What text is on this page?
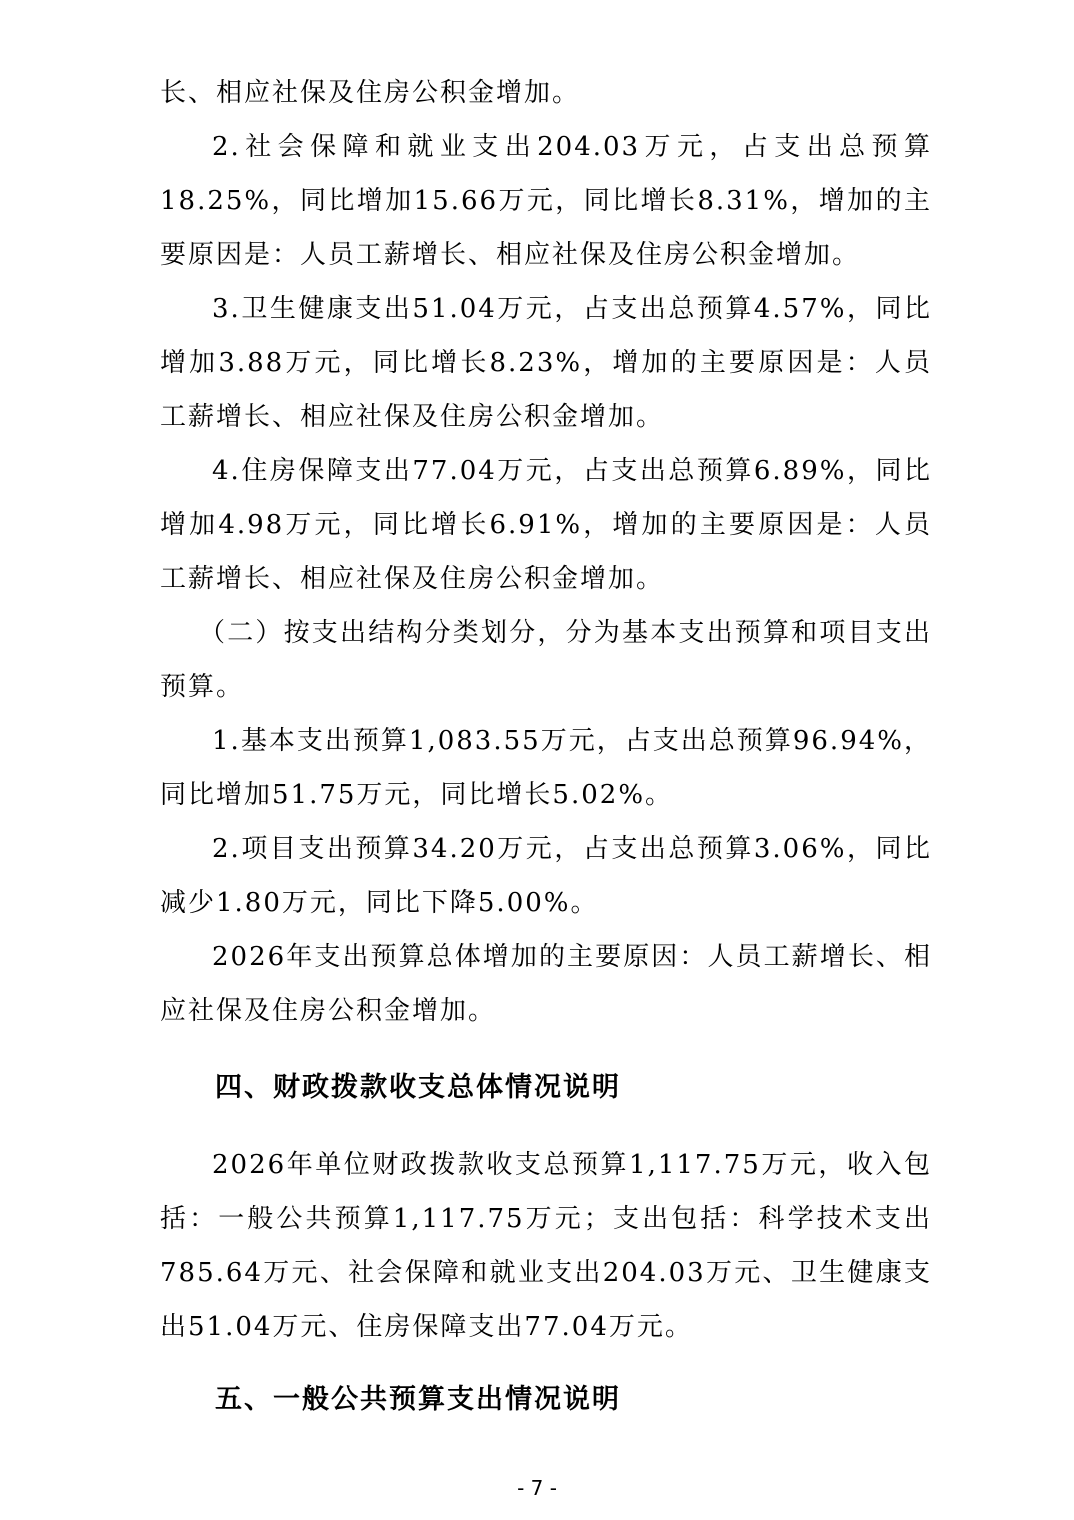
长、相应社保及住房公积金增加。

2.社会保障和就业支出204.03万元，占支出总预算18.25%，同比增加15.66万元，同比增长8.31%，增加的主要原因是：人员工薪增长、相应社保及住房公积金增加。

3.卫生健康支出51.04万元，占支出总预算4.57%，同比增加3.88万元，同比增长8.23%，增加的主要原因是：人员工薪增长、相应社保及住房公积金增加。

4.住房保障支出77.04万元，占支出总预算6.89%，同比增加4.98万元，同比增长6.91%，增加的主要原因是：人员工薪增长、相应社保及住房公积金增加。

（二）按支出结构分类划分，分为基本支出预算和项目支出预算。

1.基本支出预算1,083.55万元，占支出总预算96.94%，同比增加51.75万元，同比增长5.02%。

2.项目支出预算34.20万元，占支出总预算3.06%，同比减少1.80万元，同比下降5.00%。

2026年支出预算总体增加的主要原因：人员工薪增长、相应社保及住房公积金增加。

四、财政拨款收支总体情况说明

2026年单位财政拨款收支总预算1,117.75万元，收入包括：一般公共预算1,117.75万元；支出包括：科学技术支出785.64万元、社会保障和就业支出204.03万元、卫生健康支出51.04万元、住房保障支出77.04万元。

五、一般公共预算支出情况说明
- 7 -
